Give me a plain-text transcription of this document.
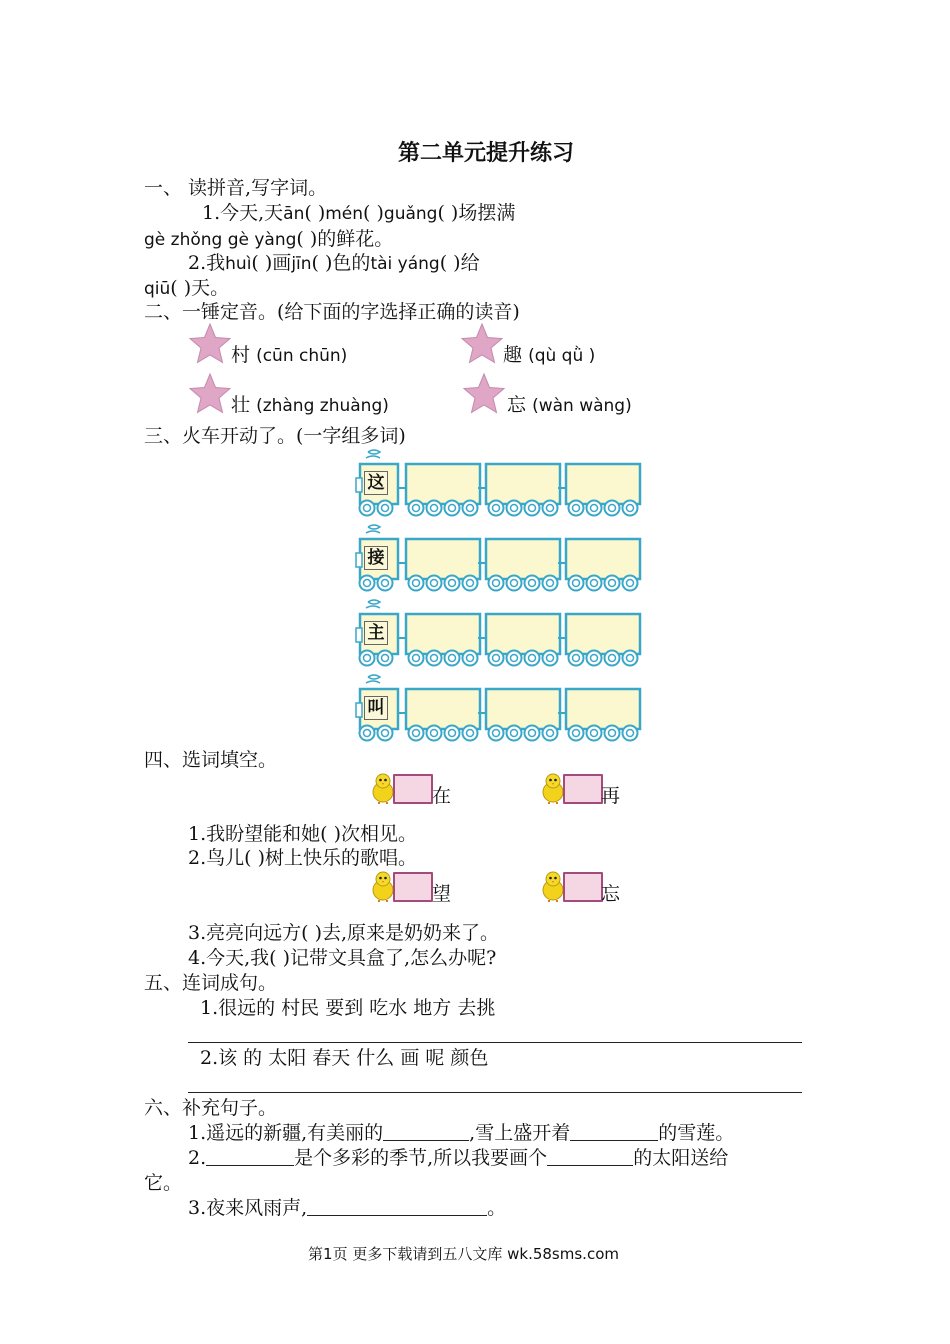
第二单元提升练习
一、 读拼音,写字词。
1.今天,天ān( )mén( )guǎng( )场摆满
gè zhǒng gè yàng( )的鲜花。
2.我huì( )画jīn( )色的tài yáng( )给
qiū( )天。
二、一锤定音。(给下面的字选择正确的读音)
村 (cūn chūn)	趣 (qù qǜ )
壮 (zhàng zhuàng)	忘 (wàn wàng)
三、火车开动了。(一字组多词)
这
接
主
叫
四、选词填空。
在	再
1.我盼望能和她( )次相见。
2.鸟儿( )树上快乐的歌唱。
望	忘
3.亮亮向远方( )去,原来是奶奶来了。
4.今天,我( )记带文具盒了,怎么办呢?
五、连词成句。
1.很远的 村民 要到 吃水 地方 去挑
2.该 的 太阳 春天 什么 画 呢 颜色
六、补充句子。
1.遥远的新疆,有美丽的	,雪上盛开着	的雪莲。
2.	是个多彩的季节,所以我要画个	的太阳送给
它。
3.夜来风雨声,	。
第1页 更多下载请到五八文库 wk.58sms.com
